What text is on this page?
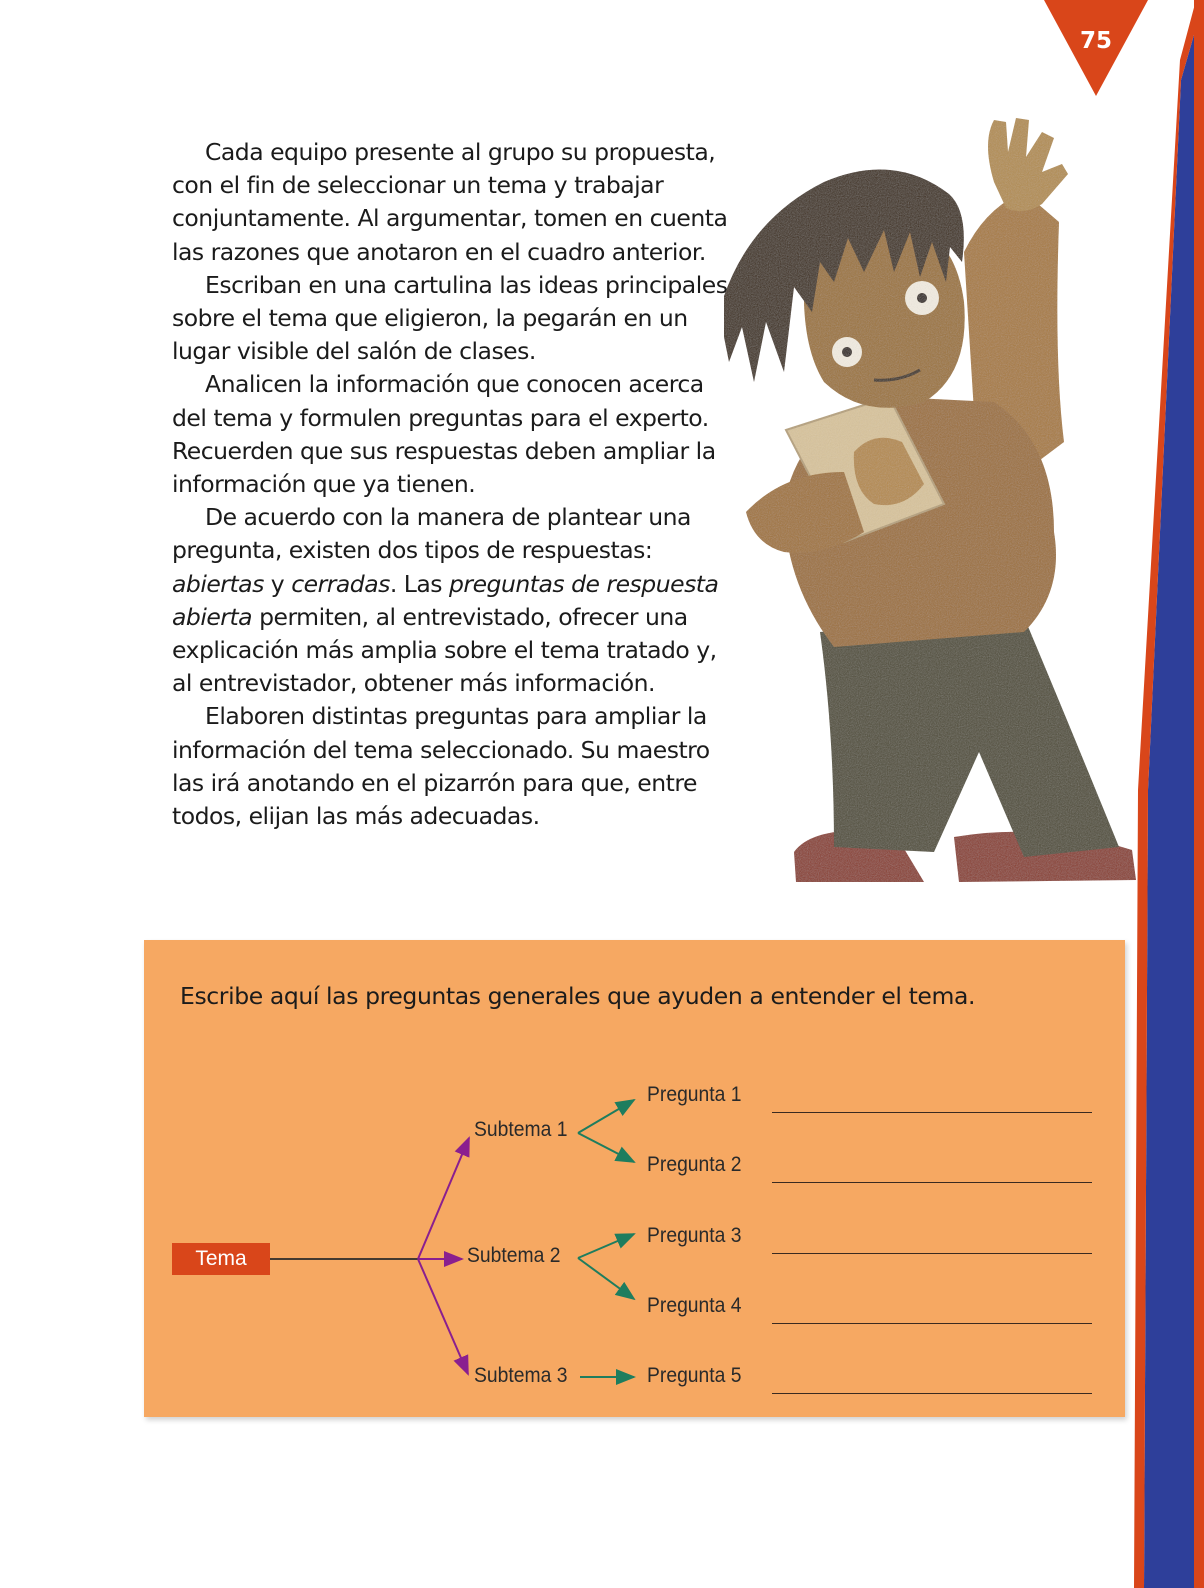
75

Cada equipo presente al grupo su propuesta, con el fin de seleccionar un tema y trabajar conjuntamente. Al argumentar, tomen en cuenta las razones que anotaron en el cuadro anterior.

Escriban en una cartulina las ideas principales sobre el tema que eligieron, la pegarán en un lugar visible del salón de clases.

Analicen la información que conocen acerca del tema y formulen preguntas para el experto. Recuerden que sus respuestas deben ampliar la información que ya tienen.

De acuerdo con la manera de plantear una pregunta, existen dos tipos de respuestas: abiertas y cerradas. Las preguntas de respuesta abierta permiten, al entrevistado, ofrecer una explicación más amplia sobre el tema tratado y, al entrevistador, obtener más información.

Elaboren distintas preguntas para ampliar la información del tema seleccionado. Su maestro las irá anotando en el pizarrón para que, entre todos, elijan las más adecuadas.

Escribe aquí las preguntas generales que ayuden a entender el tema.
Tema
Subtema 1
Subtema 2
Subtema 3
Pregunta 1
Pregunta 2
Pregunta 3
Pregunta 4
Pregunta 5
